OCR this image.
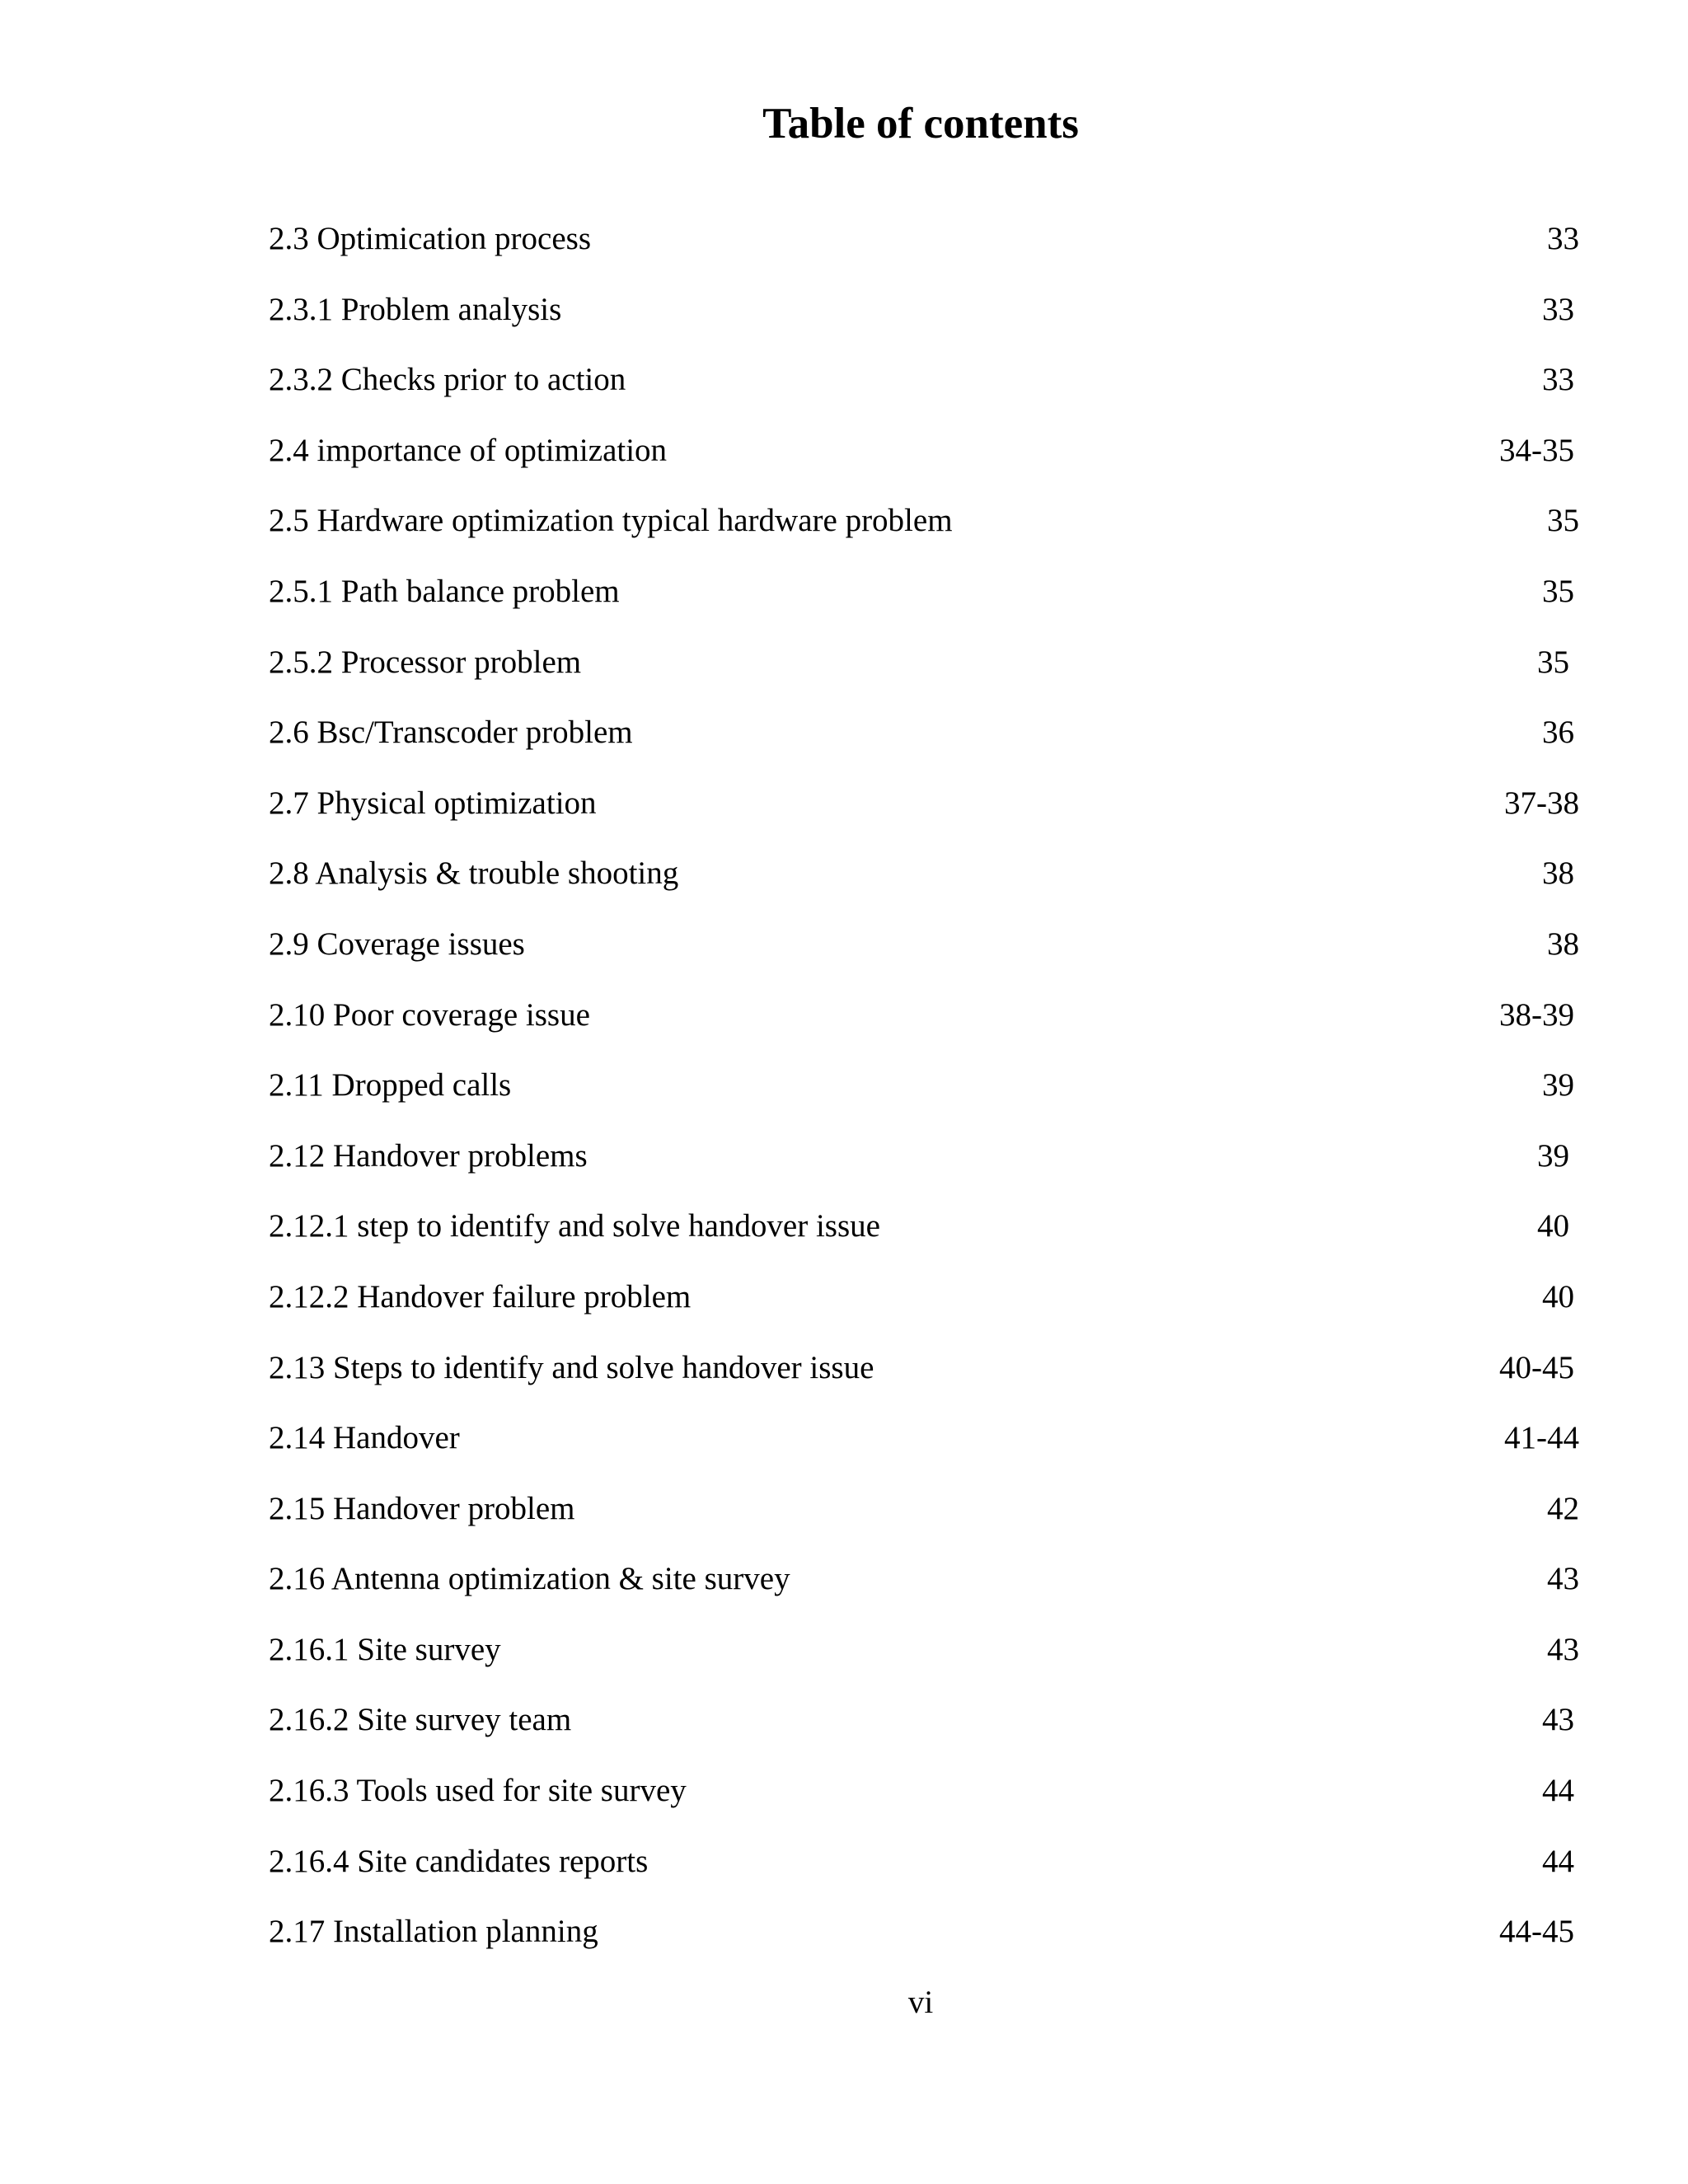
Table of contents
2.3 Optimication process	33
2.3.1 Problem analysis	33
2.3.2 Checks prior to action	33
2.4 importance of optimization	34-35
2.5 Hardware optimization typical hardware problem	35
2.5.1 Path balance problem	35
2.5.2 Processor problem	35
2.6 Bsc/Transcoder problem	36
2.7 Physical optimization	37-38
2.8 Analysis & trouble shooting	38
2.9 Coverage issues	38
2.10 Poor coverage issue	38-39
2.11 Dropped calls	39
2.12 Handover problems	39
2.12.1 step to identify and solve handover issue	40
2.12.2 Handover failure problem	40
2.13 Steps to identify and solve handover issue	40-45
2.14 Handover	41-44
2.15 Handover problem	42
2.16 Antenna optimization & site survey	43
2.16.1 Site survey	43
2.16.2 Site survey team	43
2.16.3 Tools used for site survey	44
2.16.4 Site candidates reports	44
2.17 Installation planning	44-45
vi
